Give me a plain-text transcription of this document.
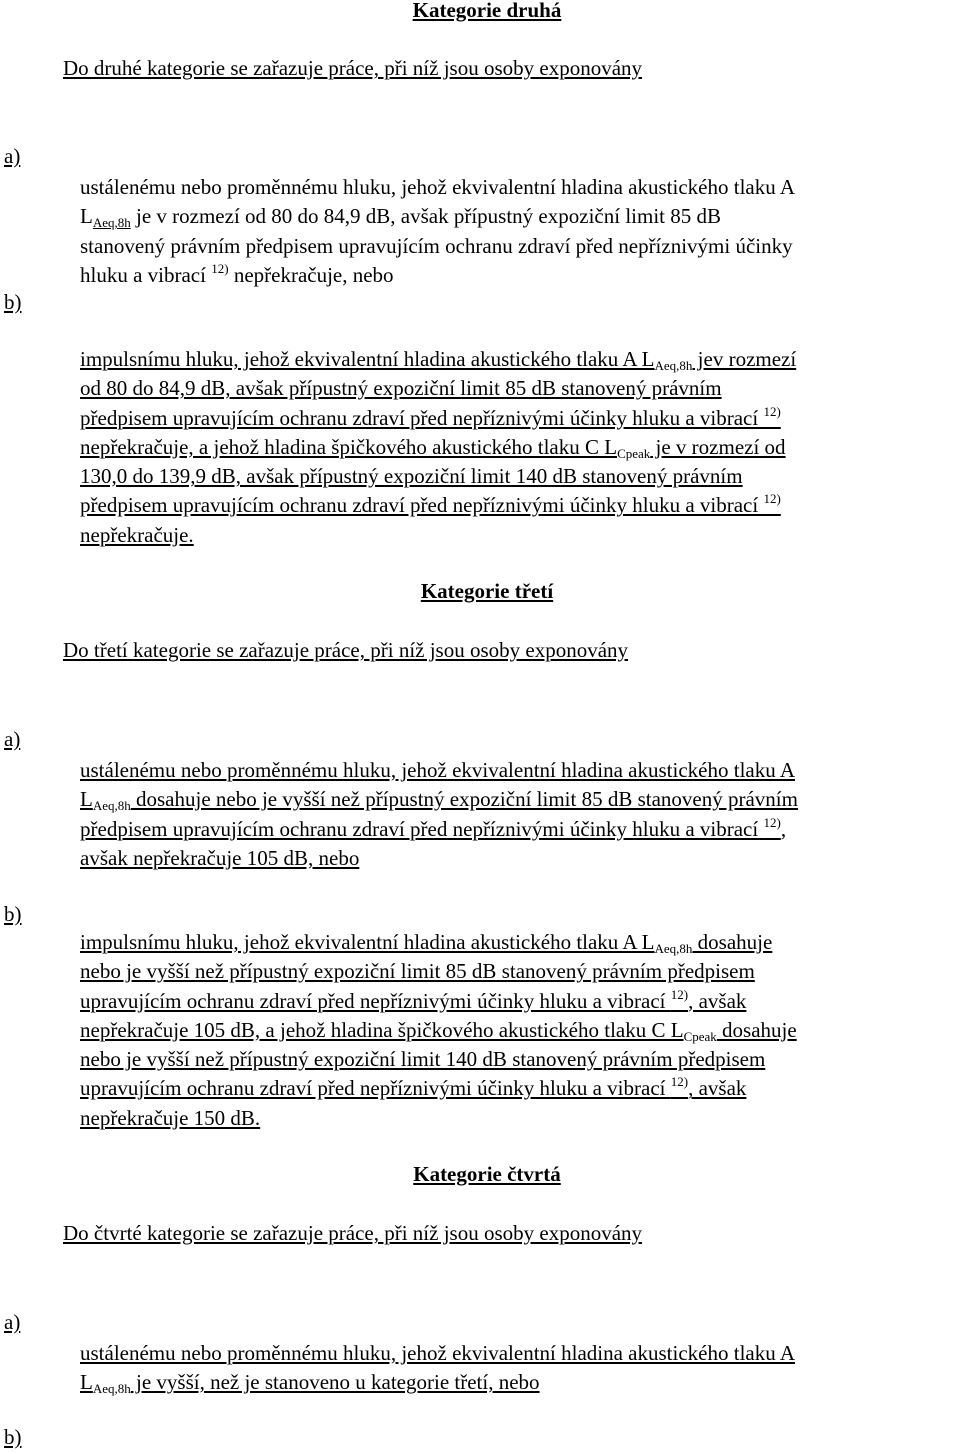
Kategorie druhá
Do druhé kategorie se zařazuje práce, při níž jsou osoby exponovány
a)
ustálenému nebo proměnnému hluku, jehož ekvivalentní hladina akustického tlaku A
$L_{Aeq,8h}$ je v rozmezí od 80 do 84,9 dB, avšak přípustný expoziční limit 85 dB
stanovený právním předpisem upravujícím ochranu zdraví před nepříznivými účinky
hluku a vibrací $^{12)}$ nepřekračuje, nebo
b)
impulsnímu hluku, jehož ekvivalentní hladina akustického tlaku A $L_{Aeq,8h}$ jev rozmezí
od 80 do 84,9 dB, avšak přípustný expoziční limit 85 dB stanovený právním
předpisem upravujícím ochranu zdraví před nepříznivými účinky hluku a vibrací $^{12)}$
nepřekračuje, a jehož hladina špičkového akustického tlaku C $L_{Cpeak}$ je v rozmezí od
130,0 do 139,9 dB, avšak přípustný expoziční limit 140 dB stanovený právním
předpisem upravujícím ochranu zdraví před nepříznivými účinky hluku a vibrací $^{12)}$
nepřekračuje.
Kategorie třetí
Do třetí kategorie se zařazuje práce, při níž jsou osoby exponovány
a)
ustálenému nebo proměnnému hluku, jehož ekvivalentní hladina akustického tlaku A
$L_{Aeq,8h}$ dosahuje nebo je vyšší než přípustný expoziční limit 85 dB stanovený právním
předpisem upravujícím ochranu zdraví před nepříznivými účinky hluku a vibrací $^{12)}$,
avšak nepřekračuje 105 dB, nebo
b)
impulsnímu hluku, jehož ekvivalentní hladina akustického tlaku A $L_{Aeq,8h}$ dosahuje
nebo je vyšší než přípustný expoziční limit 85 dB stanovený právním předpisem
upravujícím ochranu zdraví před nepříznivými účinky hluku a vibrací $^{12)}$, avšak
nepřekračuje 105 dB, a jehož hladina špičkového akustického tlaku C $L_{Cpeak}$ dosahuje
nebo je vyšší než přípustný expoziční limit 140 dB stanovený právním předpisem
upravujícím ochranu zdraví před nepříznivými účinky hluku a vibrací $^{12)}$, avšak
nepřekračuje 150 dB.
Kategorie čtvrtá
Do čtvrté kategorie se zařazuje práce, při níž jsou osoby exponovány
a)
ustálenému nebo proměnnému hluku, jehož ekvivalentní hladina akustického tlaku A
$L_{Aeq,8h}$ je vyšší, než je stanoveno u kategorie třetí, nebo
b)
